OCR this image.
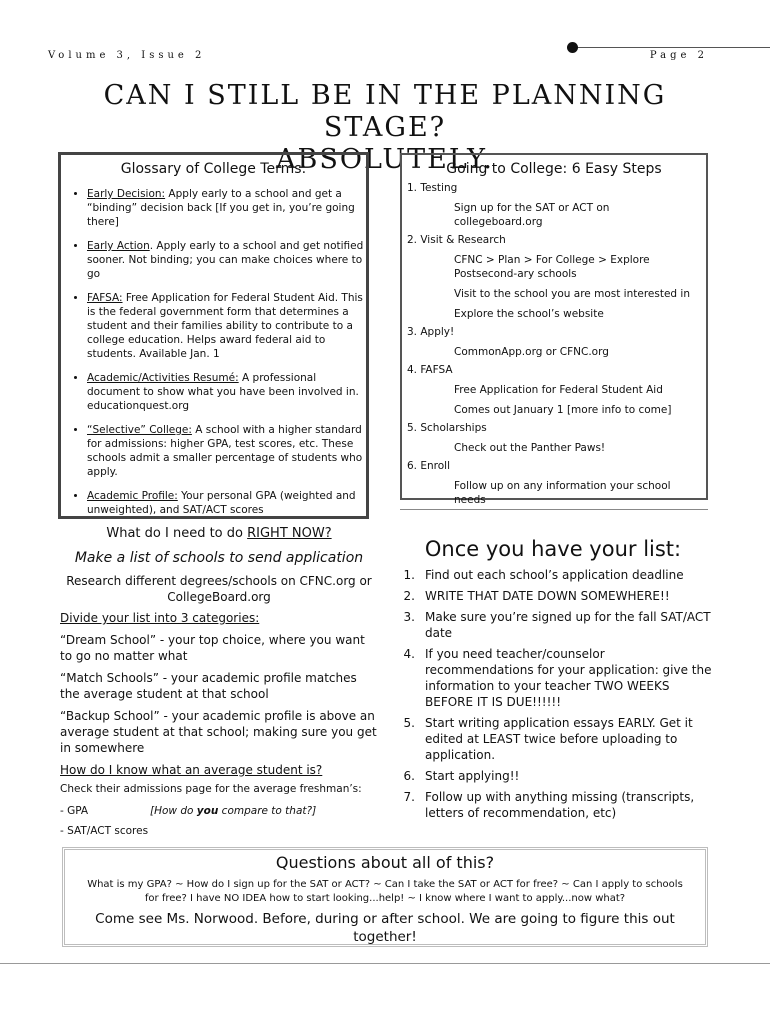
Volume 3, Issue 2	Page 2
CAN I STILL BE IN THE PLANNING STAGE?
ABSOLUTELY.
Glossary of College Terms:
• Early Decision: Apply early to a school and get a “binding” decision back [If you get in, you’re going there]
• Early Action. Apply early to a school and get notified sooner. Not binding; you can make choices where to go
• FAFSA: Free Application for Federal Student Aid. This is the federal government form that determines a student and their families ability to contribute to a college education. Helps award federal aid to students. Available Jan. 1
• Academic/Activities Resumé: A professional document to show what you have been involved in. educationquest.org
• “Selective” College: A school with a higher standard for admissions: higher GPA, test scores, etc. These schools admit a smaller percentage of students who apply.
• Academic Profile: Your personal GPA (weighted and unweighted), and SAT/ACT scores
Going to College: 6 Easy Steps
1. Testing
Sign up for the SAT or ACT on collegeboard.org
2. Visit & Research
CFNC > Plan > For College > Explore Postsecond-ary schools
Visit to the school you are most interested in
Explore the school’s website
3. Apply!
CommonApp.org or CFNC.org
4. FAFSA
Free Application for Federal Student Aid
Comes out January 1 [more info to come]
5. Scholarships
Check out the Panther Paws!
6. Enroll
Follow up on any information your school needs
What do I need to do RIGHT NOW?
Make a list of schools to send application
Research different degrees/schools on CFNC.org or CollegeBoard.org
Divide your list into 3 categories:
“Dream School” - your top choice, where you want to go no matter what
“Match Schools” - your academic profile matches the average student at that school
“Backup School” - your academic profile is above an average student at that school; making sure you get in somewhere
How do I know what an average student is?
Check their admissions page for the average freshman’s:
- GPA	[How do you compare to that?]
- SAT/ACT scores
Once you have your list:
1. Find out each school’s application deadline
2. WRITE THAT DATE DOWN SOMEWHERE!!
3. Make sure you’re signed up for the fall SAT/ACT date
4. If you need teacher/counselor recommendations for your application: give the information to your teacher TWO WEEKS BEFORE IT IS DUE!!!!!!
5. Start writing application essays EARLY. Get it edited at LEAST twice before uploading to application.
6. Start applying!!
7. Follow up with anything missing (transcripts, letters of recommendation, etc)
Questions about all of this?
What is my GPA? ~ How do I sign up for the SAT or ACT? ~ Can I take the SAT or ACT for free? ~ Can I apply to schools for free? I have NO IDEA how to start looking...help! ~ I know where I want to apply...now what?
Come see Ms. Norwood. Before, during or after school. We are going to figure this out together!
